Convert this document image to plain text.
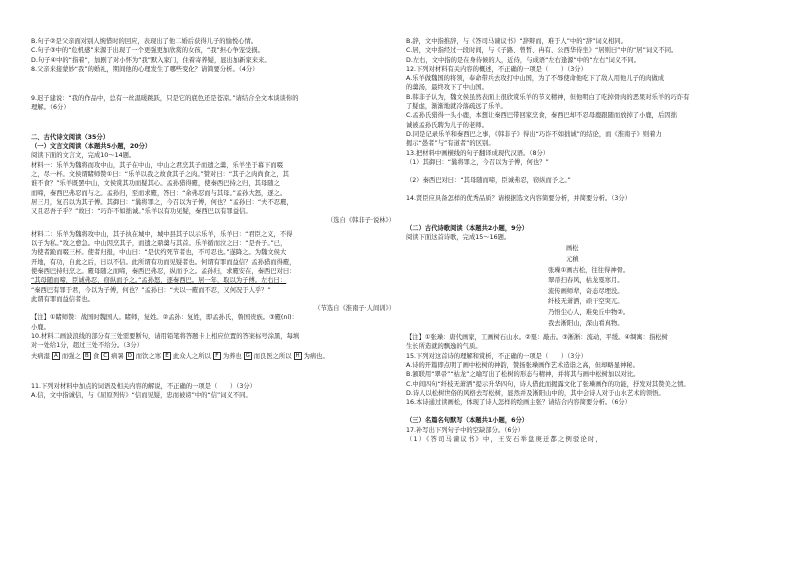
B.句子②是父亲面对别人惋惜时的回应，表现出了他二婚后获得儿子的愉悦心情。

C.句子③中的“危机感”来源于出现了一个更强更加欣赏的女孩，“我”担心争宠受损。

D.句子④中的“指着”，加剧了对小怀为“我”默入家门，住着寄养疑，显出加新家来来。

8.父亲来接蒙妙“我”的婚礼，期间他的心理发生了哪些变化？请简要分析。（4分）

9.迟子建说：“我的作品中，总有一丝温暖跳跃，只是它的底色还是苍凉。”请结合全文本谈谈你的

理解。（6分）

二、古代诗文阅读（35分）

（一）文言文阅读（本题共5小题，20分）

阅读下面的文言文，完成10～14题。

材料一：乐羊为魏将而攻中山，其子在中山，中山之君烹其子而遗之羹，乐羊坐于幕下而啜

之，尽一杯。文侯谓睹师赞①曰：“乐羊以我之故食其子之肉。”赞对曰：“其子之肉尚食之，其

谁不食？”乐羊既罢中山，文侯赏其功而疑其心。孟孙猎得麑，使秦西巴持之归，其母随之

而啼，秦西巴弗忍而与之。孟孙归，至而求麑，答曰：“余弗忍而与其母。”孟孙大怒，逐之。

居三月，复召以为其子傅。其御曰：“曩将罪之，今召以为子傅，何也？”孟孙曰：“夫不忍麑，

又且忍吾子乎？”故曰：“巧诈不如拙诚。”乐羊以有功见疑，秦西巴以有罪益信。

（选自《韩非子·说林》）

材料二：乐羊为魏将攻中山，其子执在城中，城中县其子以示乐羊，乐羊曰：“君臣之义，不得

以子为私。”攻之愈急。中山因烹其子，而遗之鼎羹与其首。乐羊循而泣之曰：“是吾子。”已，

为使者跪而啜三杯。使者归报，中山曰：“是伏约死节者也，不可忍也。”遂降之。为魏文侯大

开地，有功，自此之后，日以不信。此所谓有功而见疑者也。何谓有罪而益信？孟孙猎而得麑，

使秦西巴持归烹之。麑母随之而啼，秦西巴弗忍，纵而予之。孟孙归，求麑安在，秦西巴对曰：

“其母随而啼，臣诚弗忍，窃纵而予之。”孟孙怒，逐秦西巴。居一年，取以为子傅。左右曰：

“秦西巴有罪于君，今以为子傅，何也？”孟孙曰：“夫以一麑而不忍，又何况于人乎？”

此谓有罪而益信者也。

（节选自《淮南子·人间训》）

【注】①睹师赞：战国时魏国人。睹师，复姓。②孟孙：复姓，即孟孙氏，鲁国贵族。③麑(ní)：

小鹿。

10.材料二画波浪线的部分有三处需要断句，请用铅笔将答题卡上相应位置的答案标号涂黑，每填

对一处给1分，超过三处不给分。（3分）

夫病湿 A 而强之 B 食 C 病暑 D 而饮之寒 E 此众人之所以 F 为养也 G 而良医之所以 H 为病也。

11.下列对材料中加点的词语及相关内容的解说，不正确的一项是（　　）（3分）

A.信，文中指诚信，与《屈原列传》“信而见疑，忠而被谤”中的“信”词义不同。

B.辞，文中指推辞，与《答司马谏议书》“辞辩而，难于人”中的“辞”词义相同。

C.居，文中指经过一段时间，与《子路、曾皙、冉有、公西华侍坐》“居则曰”中的“居”词义不同。

D.左右，文中指的是在身侍候的人，近侍，与成语“左右逢源”中的“左右”词义不同。

12.下列对材料有关内容的概述，不正确的一项是（　　）（3分）

A.乐羊做魏国的将领，奉命带兵去攻打中山国，为了不辱使命他吃下了敌人用他儿子的肉做成

的羹汤，最终攻下了中山国。

B.韩非子认为，魏文侯虽然表面上很欣赏乐羊的节义精神，但他明白了吃掉骨肉的恶果对乐羊的巧诈有

了疑虑，渐渐地就冷落疏远了乐羊。

C.孟孙氏猎得一头小鹿，本想让秦西巴带回家烹食，秦西巴却不忍母鹿跟随而放掉了小鹿，后因拙

诚被孟孙氏聘为儿子的老师。

D.同是记录乐羊和秦西巴之事，《韩非子》得出“巧诈不如拙诚”的结论，而《淮南子》则着力

揭示“愚者”与“有道者”的区别。

13.把材料中画横线的句子翻译成现代汉语。（8分）

（1）其御曰：“曩将罪之，今召以为子傅，何也？”

（2）秦西巴对曰：“其母随而啼，臣诚弗忍，窃纵而予之。”

14.贤臣应具备怎样的优秀品质？请根据选文内容简要分析，并简要分析。（3分）

（二）古代诗歌阅读（本题共2小题，9分）

阅读下面这首诗歌，完成15～16题。

画松

元稹

张璪①画古松，往往得神骨。

翠帚扫春风，枯龙戛寒月。

流传画师辈，奇态尽埋没。

纤枝无萧洒，顽干空突兀。

乃悟尘心人，难免丘中物②。

我去淅阳山，深山看真物。

【注】①张璪：唐代画家，工画树石山水。②戛：敲击。③淅淅：流动，平缓。④绸寓：指松树

生长所造就的飘逸的气质。

15.下列对这首诗的理解和赏析，不正确的一项是（　　）（3分）

A.诗的开篇即点明了画中松树的神韵，赞扬张璪画作艺术造诣之高，但却略显神秘。

B.颔联用“翠帚”“枯龙”之喻写出了松树的形态与精神，并将其与画中松树加以对比。

C.中间四句“纤枝无萧洒”提示升华四句，诗人借此而揭露文化了张璪画作的功能，抒发对其赞美之情。

D.诗人以松树世俗的风格去写松树，显然并及淅阳山中的，其中会诗人对于山水艺术的领悟。

16.本诗通过读画松，体现了诗人怎样的绘画主张？请结合内容简要分析。（6分）

（三）名篇名句默写（本题共1小题，6分）

17.补写出下列句子中的空缺部分。（6分）

（1）《答司马谏议书》中，王安石举盘庚迁都之例驳论时，
